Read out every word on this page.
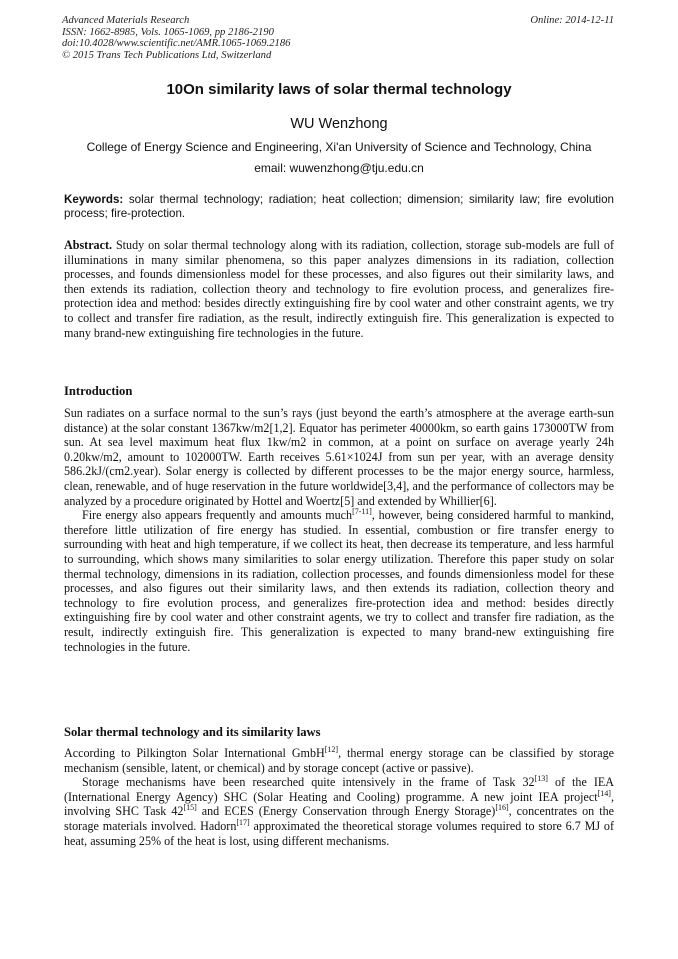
Advanced Materials Research
ISSN: 1662-8985, Vols. 1065-1069, pp 2186-2190
doi:10.4028/www.scientific.net/AMR.1065-1069.2186
© 2015 Trans Tech Publications Ltd, Switzerland
Online: 2014-12-11
10On similarity laws of solar thermal technology
WU Wenzhong
College of Energy Science and Engineering, Xi'an University of Science and Technology, China
email: wuwenzhong@tju.edu.cn
Keywords: solar thermal technology; radiation; heat collection; dimension; similarity law; fire evolution process; fire-protection.
Abstract. Study on solar thermal technology along with its radiation, collection, storage sub-models are full of illuminations in many similar phenomena, so this paper analyzes dimensions in its radiation, collection processes, and founds dimensionless model for these processes, and also figures out their similarity laws, and then extends its radiation, collection theory and technology to fire evolution process, and generalizes fire-protection idea and method: besides directly extinguishing fire by cool water and other constraint agents, we try to collect and transfer fire radiation, as the result, indirectly extinguish fire. This generalization is expected to many brand-new extinguishing fire technologies in the future.
Introduction

Sun radiates on a surface normal to the sun’s rays (just beyond the earth’s atmosphere at the average earth-sun distance) at the solar constant 1367kw/m2[1,2]. Equator has perimeter 40000km, so earth gains 173000TW from sun. At sea level maximum heat flux 1kw/m2 in common, at a point on surface on average yearly 24h 0.20kw/m2, amount to 102000TW. Earth receives 5.61×1024J from sun per year, with an average density 586.2kJ/(cm2.year). Solar energy is collected by different processes to be the major energy source, harmless, clean, renewable, and of huge reservation in the future worldwide[3,4], and the performance of collectors may be analyzed by a procedure originated by Hottel and Woertz[5] and extended by Whillier[6].

Fire energy also appears frequently and amounts much[7-11], however, being considered harmful to mankind, therefore little utilization of fire energy has studied. In essential, combustion or fire transfer energy to surrounding with heat and high temperature, if we collect its heat, then decrease its temperature, and less harmful to surrounding, which shows many similarities to solar energy utilization. Therefore this paper study on solar thermal technology, dimensions in its radiation, collection processes, and founds dimensionless model for these processes, and also figures out their similarity laws, and then extends its radiation, collection theory and technology to fire evolution process, and generalizes fire-protection idea and method: besides directly extinguishing fire by cool water and other constraint agents, we try to collect and transfer fire radiation, as the result, indirectly extinguish fire. This generalization is expected to many brand-new extinguishing fire technologies in the future.

Solar thermal technology and its similarity laws

According to Pilkington Solar International GmbH[12], thermal energy storage can be classified by storage mechanism (sensible, latent, or chemical) and by storage concept (active or passive).

Storage mechanisms have been researched quite intensively in the frame of Task 32[13] of the IEA (International Energy Agency) SHC (Solar Heating and Cooling) programme. A new joint IEA project[14], involving SHC Task 42[15] and ECES (Energy Conservation through Energy Storage)[16], concentrates on the storage materials involved. Hadorn[17] approximated the theoretical storage volumes required to store 6.7 MJ of heat, assuming 25% of the heat is lost, using different mechanisms.
